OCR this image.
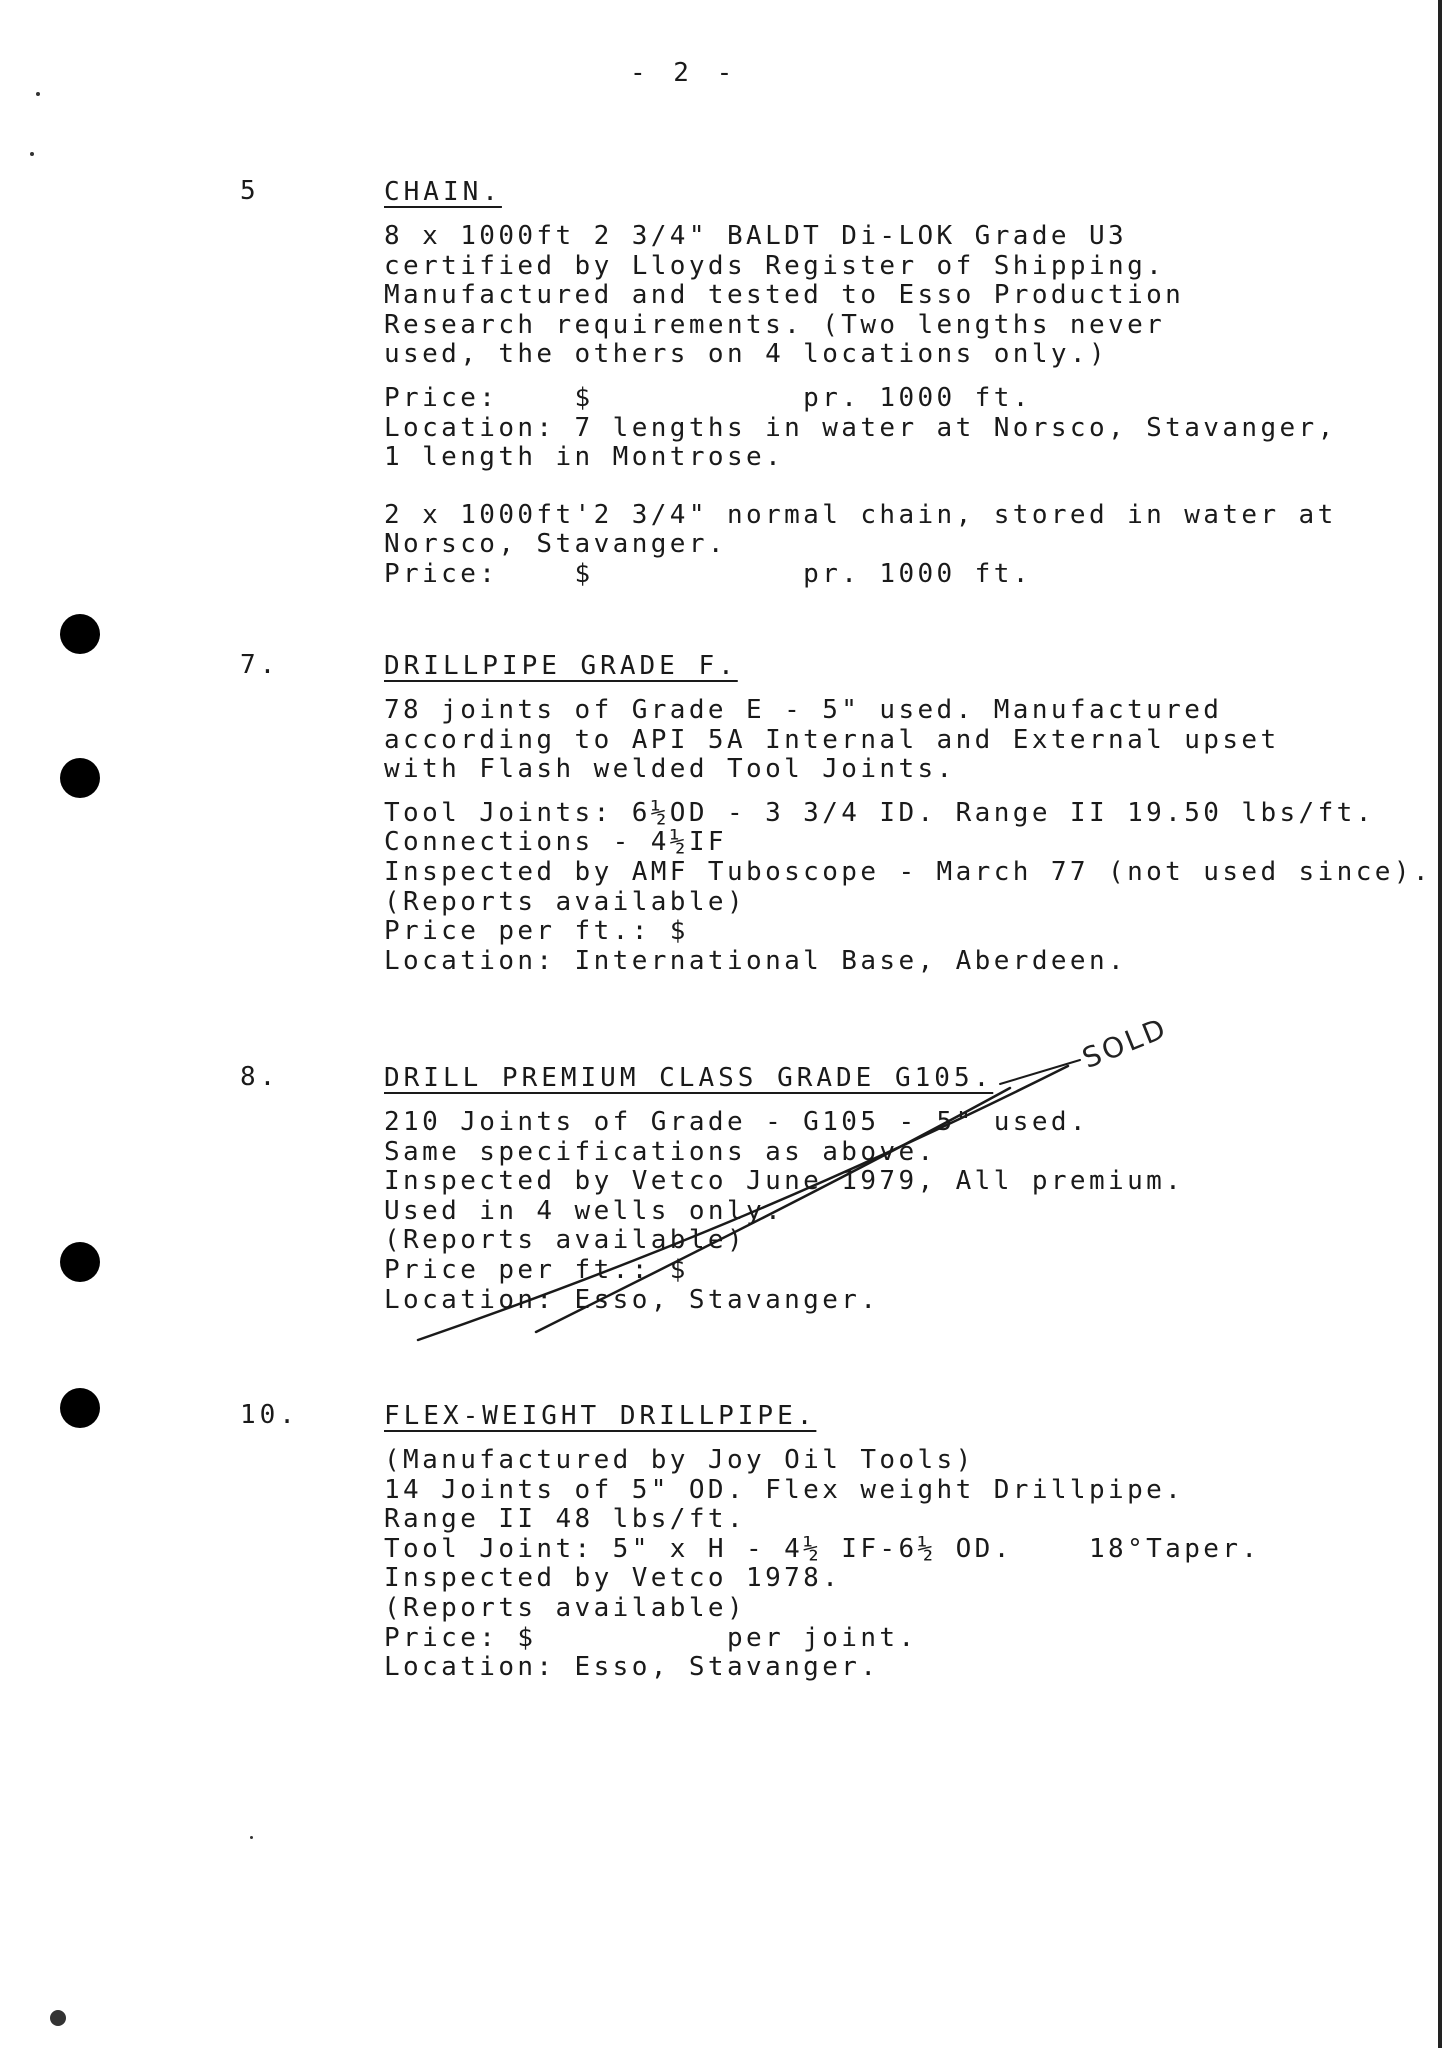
- 2 -
5	CHAIN.
8 x 1000ft 2 3/4" BALDT Di-LOK Grade U3
certified by Lloyds Register of Shipping.
Manufactured and tested to Esso Production
Research requirements. (Two lengths never
used, the others on 4 locations only.)
Price:    $           pr. 1000 ft.
Location: 7 lengths in water at Norsco, Stavanger,
1 length in Montrose.
2 x 1000ft'2 3/4" normal chain, stored in water at
Norsco, Stavanger.
Price:    $           pr. 1000 ft.
7.	DRILLPIPE GRADE F.
78 joints of Grade E - 5" used. Manufactured
according to API 5A Internal and External upset
with Flash welded Tool Joints.
Tool Joints: 6½OD - 3 3/4 ID. Range II 19.50 lbs/ft.
Connections - 4½IF
Inspected by AMF Tuboscope - March 77 (not used since).
(Reports available)
Price per ft.: $
Location: International Base, Aberdeen.
8.	DRILL PREMIUM CLASS GRADE G105.
210 Joints of Grade - G105 - 5" used.
Same specifications as above.
Inspected by Vetco June 1979, All premium.
Used in 4 wells only.
(Reports available)
Price per ft.: $
Location: Esso, Stavanger.
SOLD
10.	FLEX-WEIGHT DRILLPIPE.
(Manufactured by Joy Oil Tools)
14 Joints of 5" OD. Flex weight Drillpipe.
Range II 48 lbs/ft.
Tool Joint: 5" x H - 4½ IF-6½ OD.    18°Taper.
Inspected by Vetco 1978.
(Reports available)
Price: $          per joint.
Location: Esso, Stavanger.
